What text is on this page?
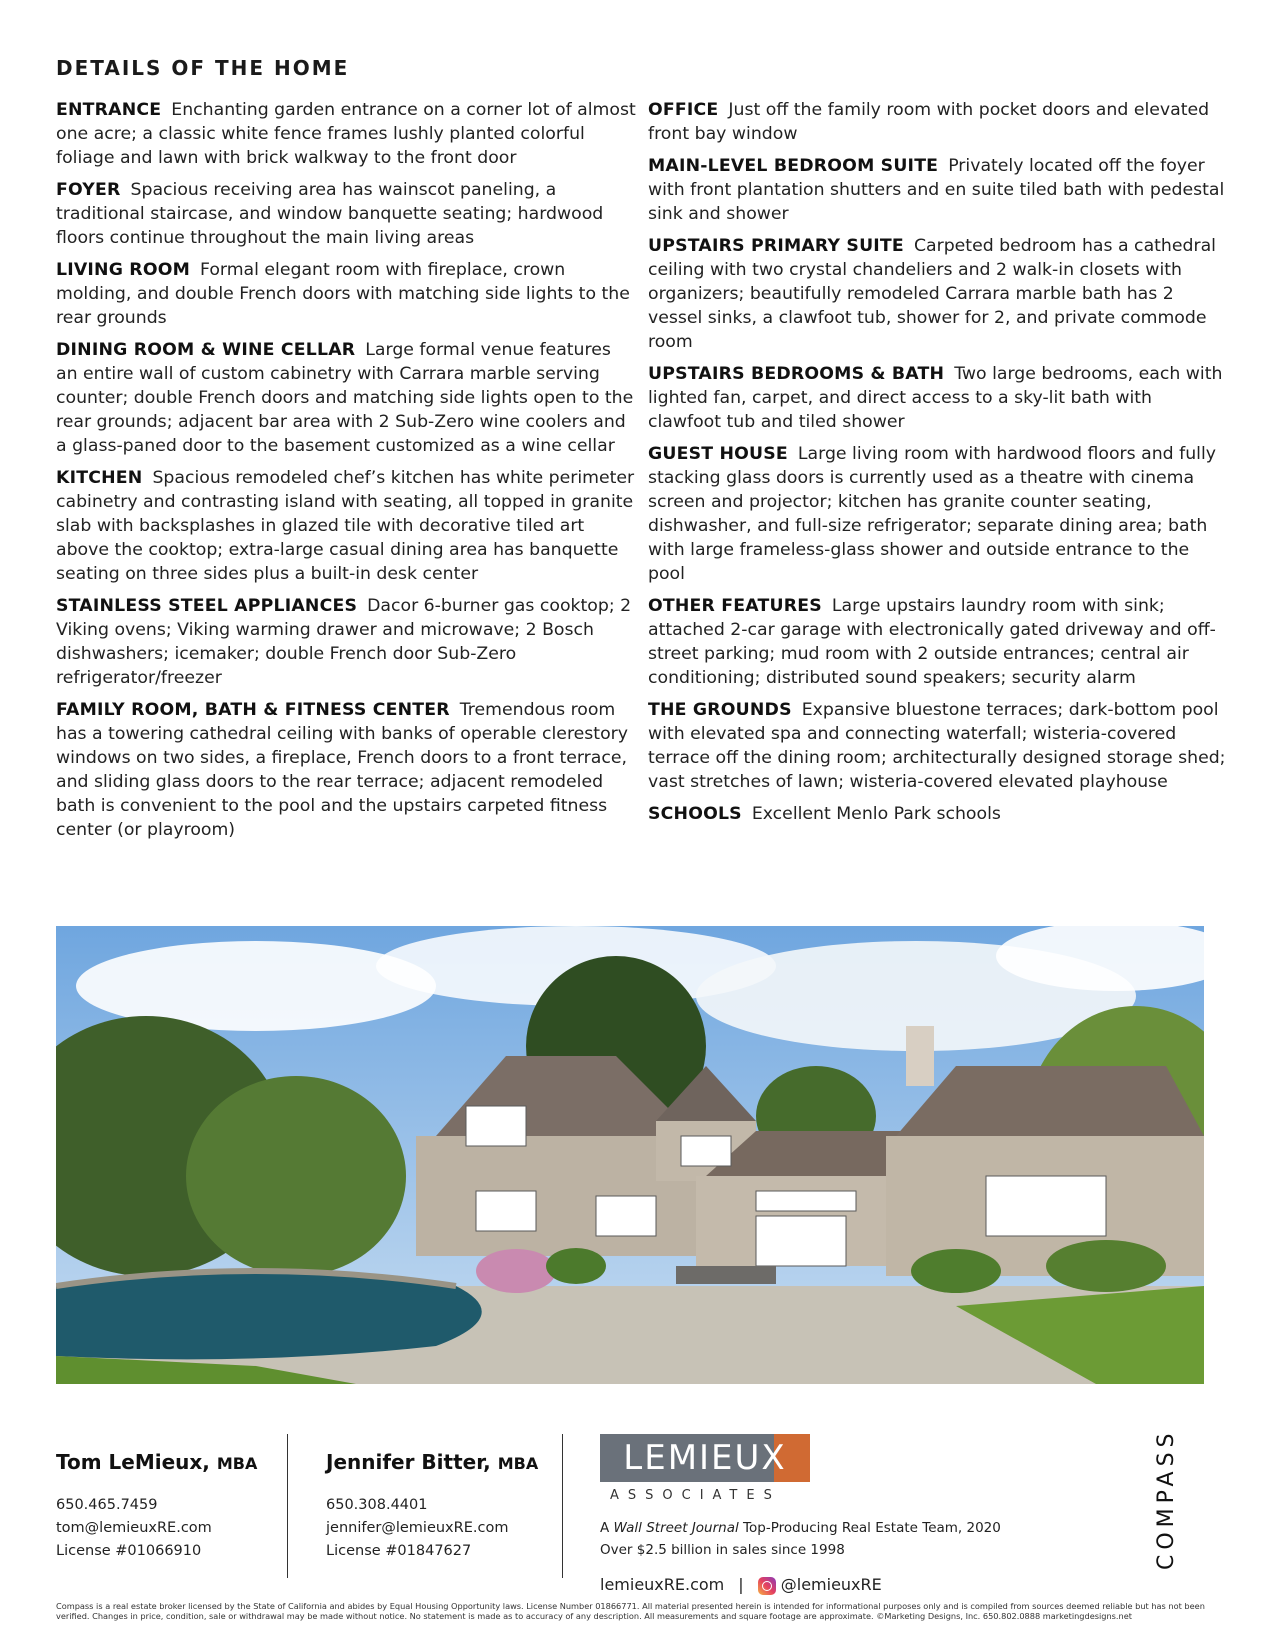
DETAILS OF THE HOME

ENTRANCE Enchanting garden entrance on a corner lot of almost one acre; a classic white fence frames lushly planted colorful foliage and lawn with brick walkway to the front door

FOYER Spacious receiving area has wainscot paneling, a traditional staircase, and window banquette seating; hardwood floors continue throughout the main living areas

LIVING ROOM Formal elegant room with fireplace, crown molding, and double French doors with matching side lights to the rear grounds

DINING ROOM & WINE CELLAR Large formal venue features an entire wall of custom cabinetry with Carrara marble serving counter; double French doors and matching side lights open to the rear grounds; adjacent bar area with 2 Sub-Zero wine coolers and a glass-paned door to the basement customized as a wine cellar

KITCHEN Spacious remodeled chef’s kitchen has white perimeter cabinetry and contrasting island with seating, all topped in granite slab with backsplashes in glazed tile with decorative tiled art above the cooktop; extra-large casual dining area has banquette seating on three sides plus a built-in desk center

STAINLESS STEEL APPLIANCES Dacor 6-burner gas cooktop; 2 Viking ovens; Viking warming drawer and microwave; 2 Bosch dishwashers; icemaker; double French door Sub-Zero refrigerator/freezer

FAMILY ROOM, BATH & FITNESS CENTER Tremendous room has a towering cathedral ceiling with banks of operable clerestory windows on two sides, a fireplace, French doors to a front terrace, and sliding glass doors to the rear terrace; adjacent remodeled bath is convenient to the pool and the upstairs carpeted fitness center (or playroom)

OFFICE Just off the family room with pocket doors and elevated front bay window

MAIN-LEVEL BEDROOM SUITE Privately located off the foyer with front plantation shutters and en suite tiled bath with pedestal sink and shower

UPSTAIRS PRIMARY SUITE Carpeted bedroom has a cathedral ceiling with two crystal chandeliers and 2 walk-in closets with organizers; beautifully remodeled Carrara marble bath has 2 vessel sinks, a clawfoot tub, shower for 2, and private commode room

UPSTAIRS BEDROOMS & BATH Two large bedrooms, each with lighted fan, carpet, and direct access to a sky-lit bath with clawfoot tub and tiled shower

GUEST HOUSE Large living room with hardwood floors and fully stacking glass doors is currently used as a theatre with cinema screen and projector; kitchen has granite counter seating, dishwasher, and full-size refrigerator; separate dining area; bath with large frameless-glass shower and outside entrance to the pool

OTHER FEATURES Large upstairs laundry room with sink; attached 2-car garage with electronically gated driveway and off-street parking; mud room with 2 outside entrances; central air conditioning; distributed sound speakers; security alarm

THE GROUNDS Expansive bluestone terraces; dark-bottom pool with elevated spa and connecting waterfall; wisteria-covered terrace off the dining room; architecturally designed storage shed; vast stretches of lawn; wisteria-covered elevated playhouse

SCHOOLS Excellent Menlo Park schools

Tom LeMieux, MBA
650.465.7459
tom@lemieuxRE.com
License #01066910
Jennifer Bitter, MBA
650.308.4401
jennifer@lemieuxRE.com
License #01847627
LEMIEUX
ASSOCIATES
A Wall Street Journal Top-Producing Real Estate Team, 2020
Over $2.5 billion in sales since 1998
lemieuxRE.com |	@lemieuxRE
COMPASS
Compass is a real estate broker licensed by the State of California and abides by Equal Housing Opportunity laws. License Number 01866771. All material presented herein is intended for informational purposes only and is compiled from sources deemed reliable but has not been verified. Changes in price, condition, sale or withdrawal may be made without notice. No statement is made as to accuracy of any description. All measurements and square footage are approximate. ©Marketing Designs, Inc. 650.802.0888 marketingdesigns.net
